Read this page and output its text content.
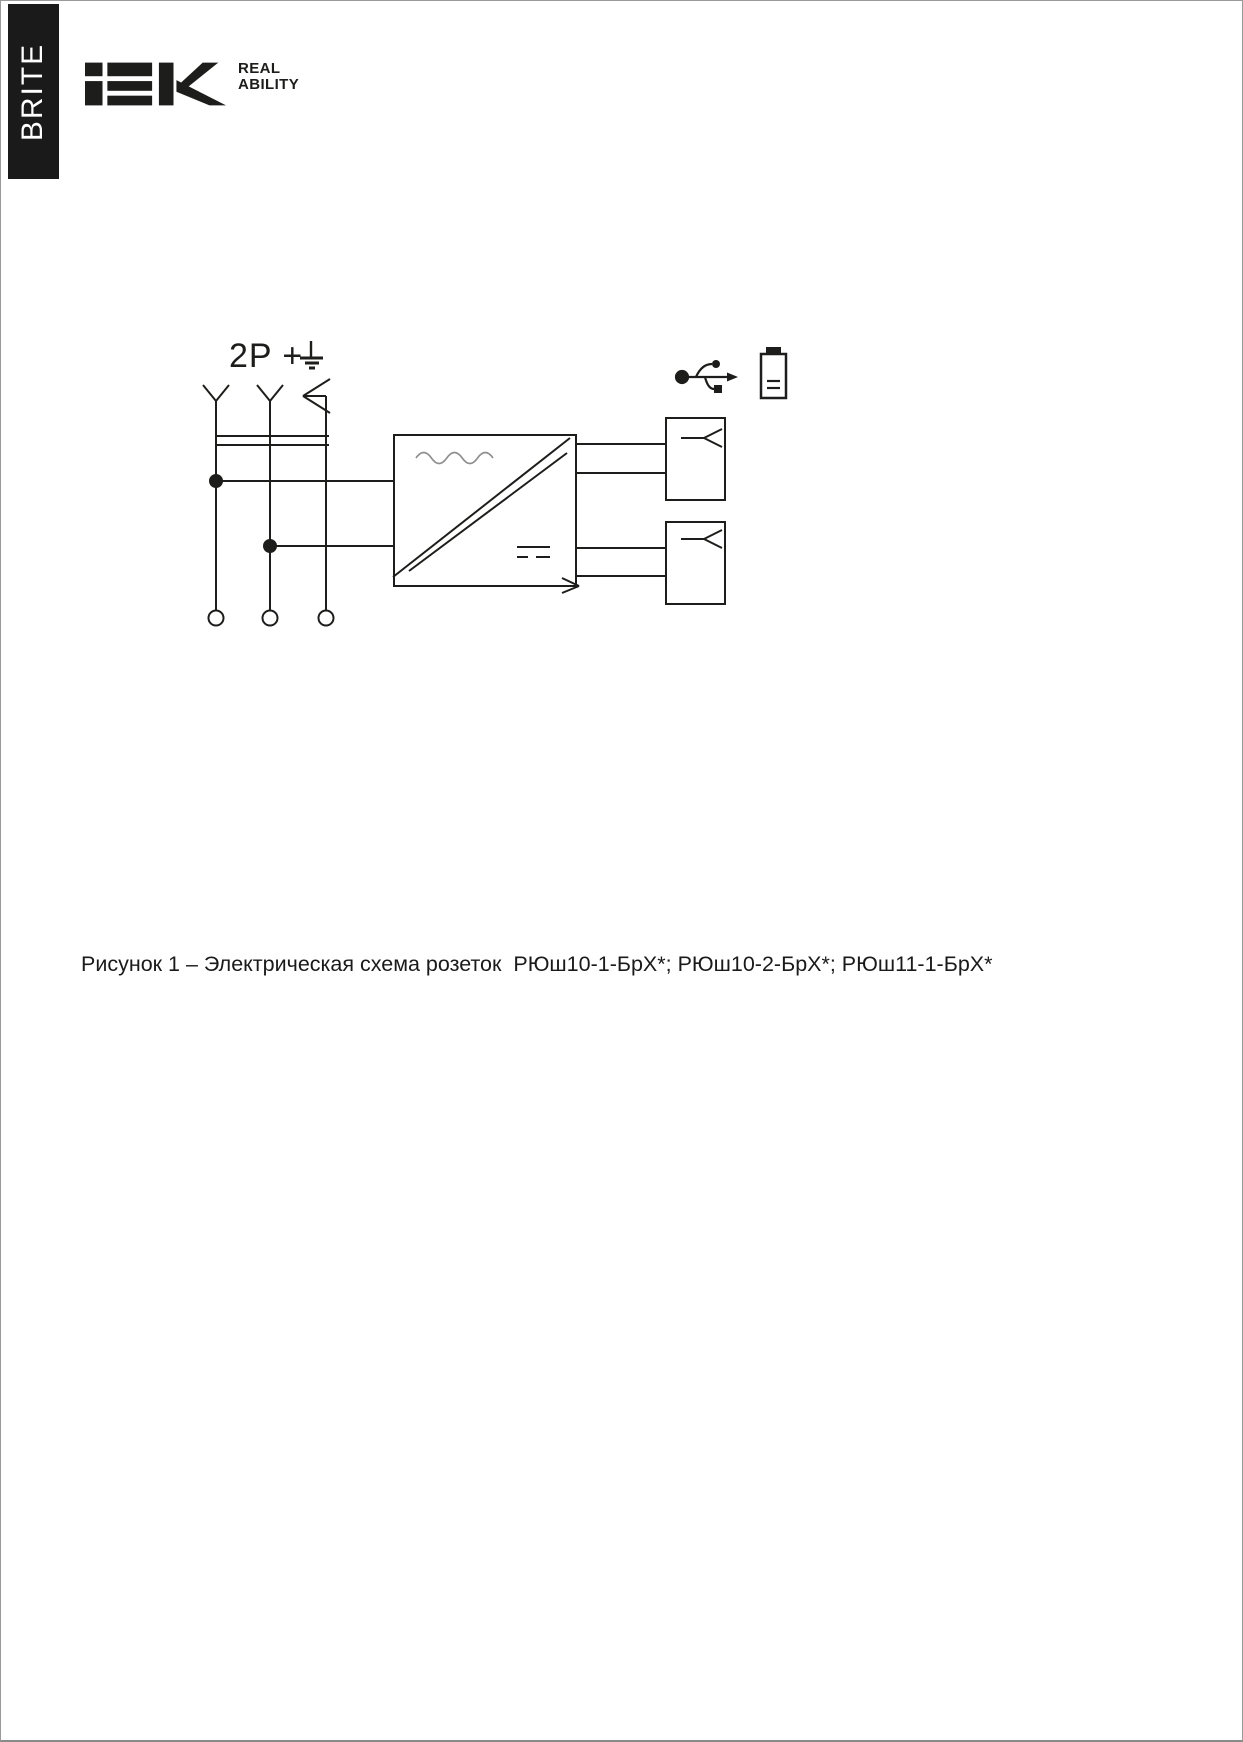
BRITE	REAL
ABILITY
2P +
Рисунок 1 – Электрическая схема розеток  РЮш10-1-БрХ*; РЮш10-2-БрХ*; РЮш11-1-БрХ*
